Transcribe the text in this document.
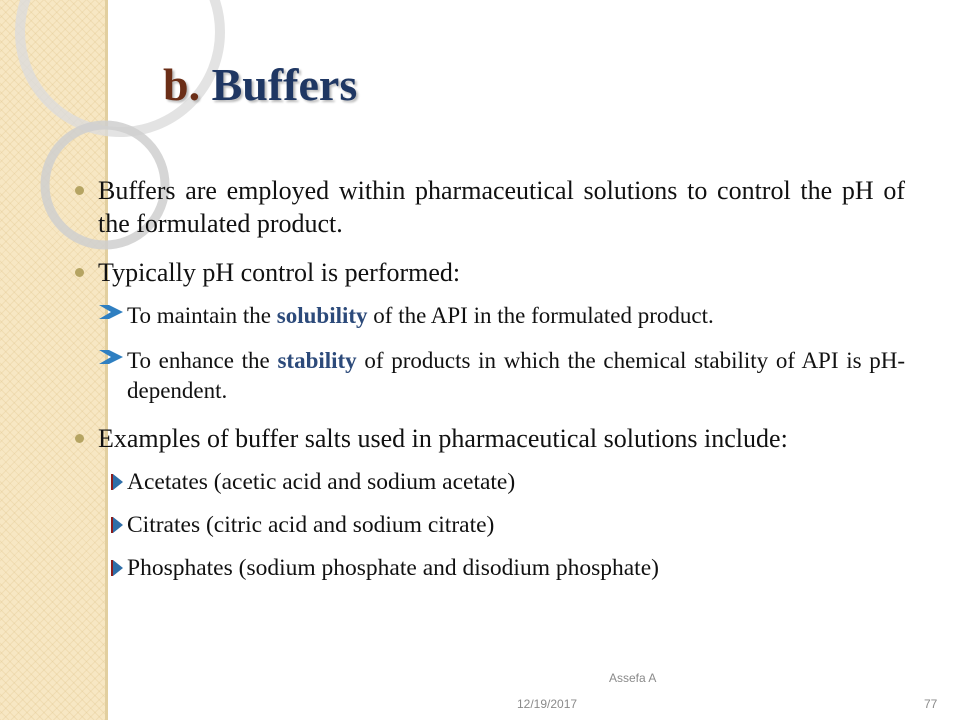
b. Buffers
Buffers are employed within pharmaceutical solutions to control the pH of the formulated product.
Typically pH control is performed:
To maintain the solubility of the API in the formulated product.
To enhance the stability of products in which the chemical stability of API is pH-dependent.
Examples of buffer salts used in pharmaceutical solutions include:
Acetates (acetic acid and sodium acetate)
Citrates (citric acid and sodium citrate)
Phosphates (sodium phosphate and disodium phosphate)
12/19/2017
Assefa A
77
